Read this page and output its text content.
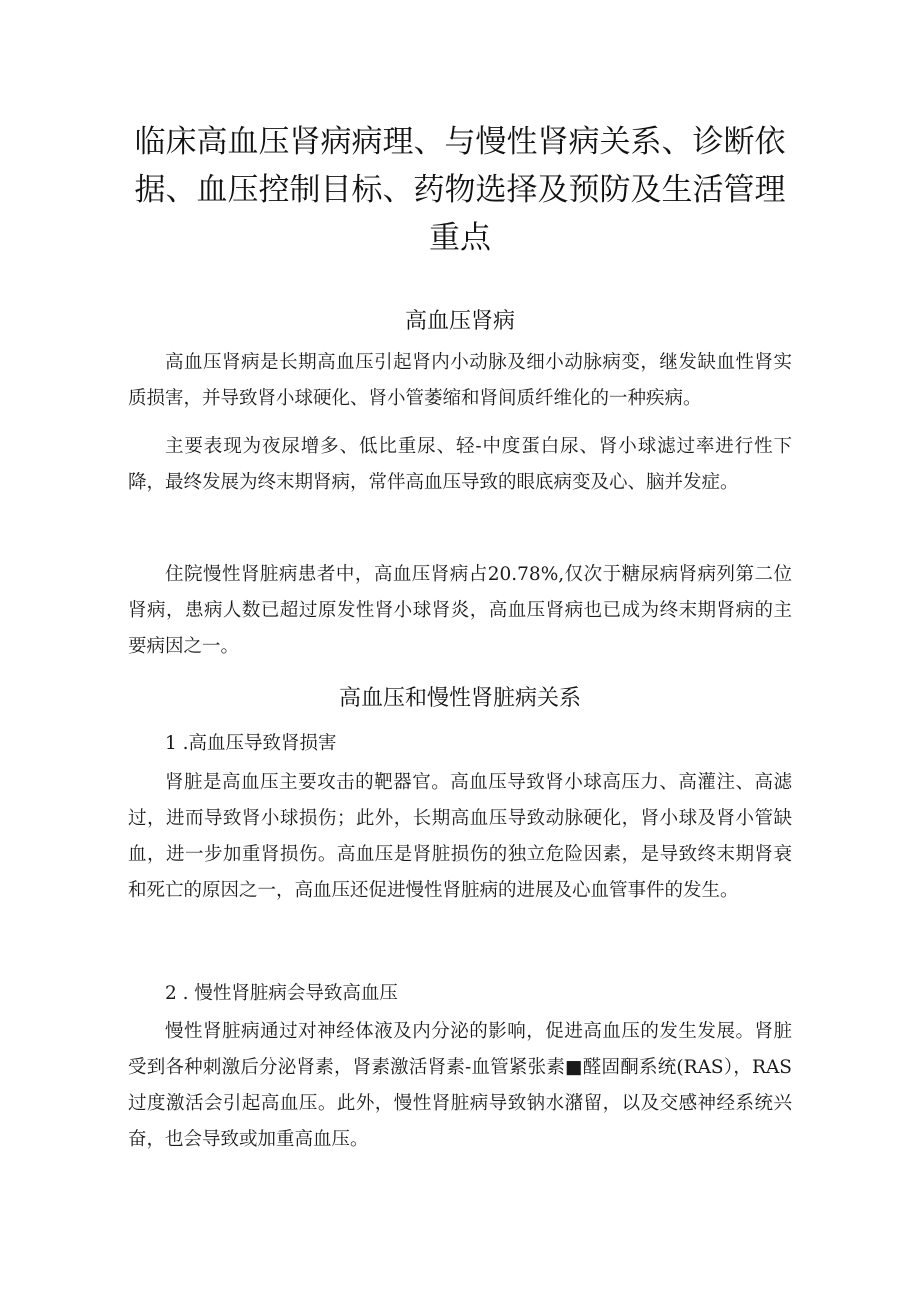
临床高血压肾病病理、与慢性肾病关系、诊断依据、血压控制目标、药物选择及预防及生活管理重点
高血压肾病

高血压肾病是长期高血压引起肾内小动脉及细小动脉病变，继发缺血性肾实质损害，并导致肾小球硬化、肾小管萎缩和肾间质纤维化的一种疾病。

主要表现为夜尿增多、低比重尿、轻-中度蛋白尿、肾小球滤过率进行性下降，最终发展为终末期肾病，常伴高血压导致的眼底病变及心、脑并发症。

住院慢性肾脏病患者中，高血压肾病占20.78%,仅次于糖尿病肾病列第二位肾病，患病人数已超过原发性肾小球肾炎，高血压肾病也已成为终末期肾病的主要病因之一。

高血压和慢性肾脏病关系

1 .高血压导致肾损害

肾脏是高血压主要攻击的靶器官。高血压导致肾小球高压力、高灌注、高滤过，进而导致肾小球损伤；此外，长期高血压导致动脉硬化，肾小球及肾小管缺血，进一步加重肾损伤。高血压是肾脏损伤的独立危险因素，是导致终末期肾衰和死亡的原因之一，高血压还促进慢性肾脏病的进展及心血管事件的发生。

2 . 慢性肾脏病会导致高血压

慢性肾脏病通过对神经体液及内分泌的影响，促进高血压的发生发展。肾脏受到各种刺激后分泌肾素，肾素激活肾素-血管紧张素■醛固酮系统(RAS），RAS过度激活会引起高血压。此外，慢性肾脏病导致钠水潴留，以及交感神经系统兴奋，也会导致或加重高血压。
